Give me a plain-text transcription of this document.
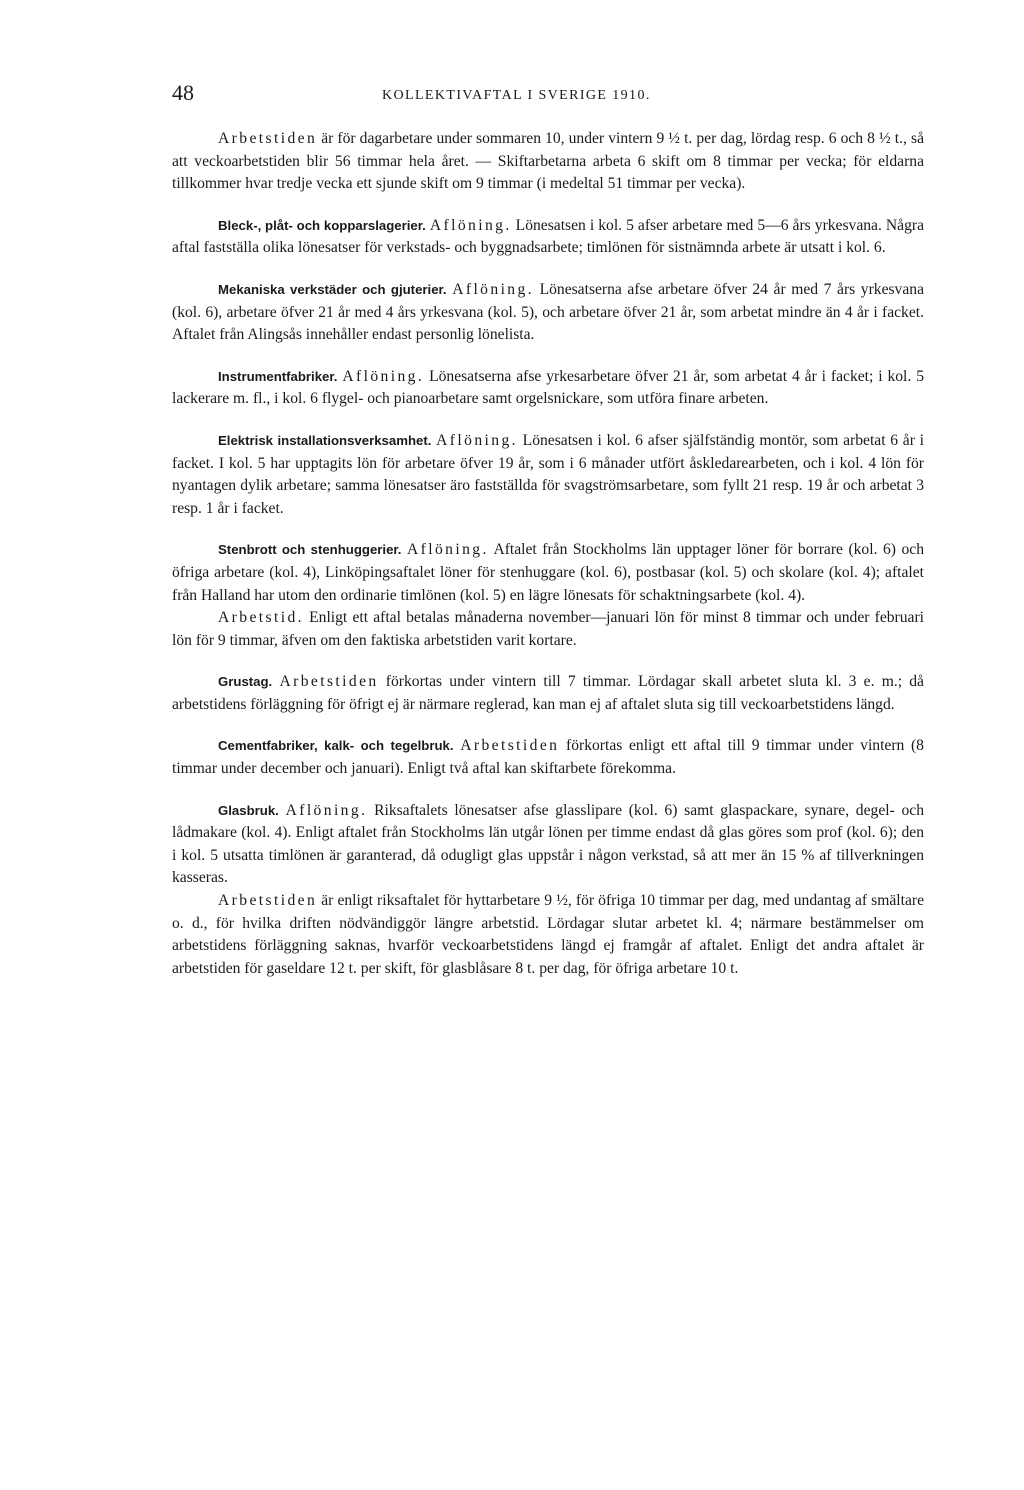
48	KOLLEKTIVAFTAL I SVERIGE 1910.

Arbetstiden är för dagarbetare under sommaren 10, under vintern 9 ½ t. per dag, lördag resp. 6 och 8 ½ t., så att veckoarbetstiden blir 56 timmar hela året. — Skiftarbetarna arbeta 6 skift om 8 timmar per vecka; för eldarna tillkommer hvar tredje vecka ett sjunde skift om 9 timmar (i medeltal 51 timmar per vecka).

Bleck-, plåt- och kopparslagerier. Aflöning. Lönesatsen i kol. 5 afser arbetare med 5—6 års yrkesvana. Några aftal fastställa olika lönesatser för verkstads- och byggnadsarbete; timlönen för sistnämnda arbete är utsatt i kol. 6.

Mekaniska verkstäder och gjuterier. Aflöning. Lönesatserna afse arbetare öfver 24 år med 7 års yrkesvana (kol. 6), arbetare öfver 21 år med 4 års yrkesvana (kol. 5), och arbetare öfver 21 år, som arbetat mindre än 4 år i facket. Aftalet från Alingsås innehåller endast personlig lönelista.

Instrumentfabriker. Aflöning. Lönesatserna afse yrkesarbetare öfver 21 år, som arbetat 4 år i facket; i kol. 5 lackerare m. fl., i kol. 6 flygel- och pianoarbetare samt orgelsnickare, som utföra finare arbeten.

Elektrisk installationsverksamhet. Aflöning. Lönesatsen i kol. 6 afser själfständig montör, som arbetat 6 år i facket. I kol. 5 har upptagits lön för arbetare öfver 19 år, som i 6 månader utfört åskledarearbeten, och i kol. 4 lön för nyantagen dylik arbetare; samma lönesatser äro fastställda för svagströmsarbetare, som fyllt 21 resp. 19 år och arbetat 3 resp. 1 år i facket.

Stenbrott och stenhuggerier. Aflöning. Aftalet från Stockholms län upptager löner för borrare (kol. 6) och öfriga arbetare (kol. 4), Linköpingsaftalet löner för stenhuggare (kol. 6), postbasar (kol. 5) och skolare (kol. 4); aftalet från Halland har utom den ordinarie timlönen (kol. 5) en lägre lönesats för schaktningsarbete (kol. 4).

Arbetstid. Enligt ett aftal betalas månaderna november—januari lön för minst 8 timmar och under februari lön för 9 timmar, äfven om den faktiska arbetstiden varit kortare.

Grustag. Arbetstiden förkortas under vintern till 7 timmar. Lördagar skall arbetet sluta kl. 3 e. m.; då arbetstidens förläggning för öfrigt ej är närmare reglerad, kan man ej af aftalet sluta sig till veckoarbetstidens längd.

Cementfabriker, kalk- och tegelbruk. Arbetstiden förkortas enligt ett aftal till 9 timmar under vintern (8 timmar under december och januari). Enligt två aftal kan skiftarbete förekomma.

Glasbruk. Aflöning. Riksaftalets lönesatser afse glasslipare (kol. 6) samt glaspackare, synare, degel- och lådmakare (kol. 4). Enligt aftalet från Stockholms län utgår lönen per timme endast då glas göres som prof (kol. 6); den i kol. 5 utsatta timlönen är garanterad, då odugligt glas uppstår i någon verkstad, så att mer än 15 % af tillverkningen kasseras.

Arbetstiden är enligt riksaftalet för hyttarbetare 9 ½, för öfriga 10 timmar per dag, med undantag af smältare o. d., för hvilka driften nödvändiggör längre arbetstid. Lördagar slutar arbetet kl. 4; närmare bestämmelser om arbetstidens förläggning saknas, hvarför veckoarbetstidens längd ej framgår af aftalet. Enligt det andra aftalet är arbetstiden för gaseldare 12 t. per skift, för glasblåsare 8 t. per dag, för öfriga arbetare 10 t.
